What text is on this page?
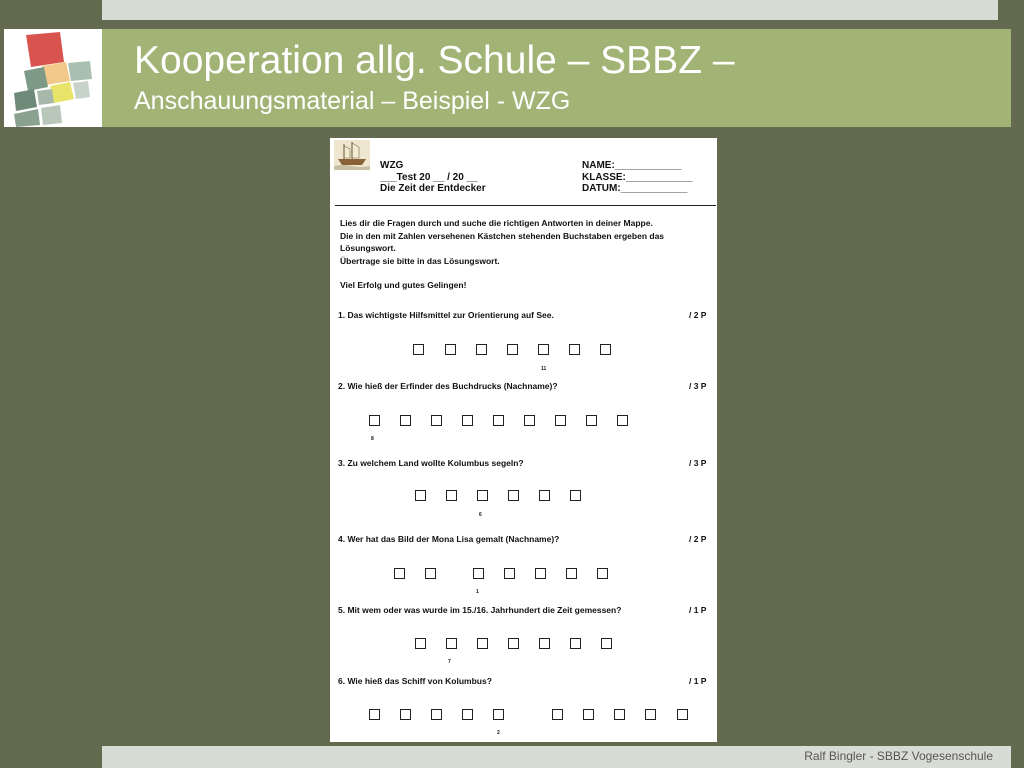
Kooperation allg. Schule – SBBZ –
Anschauungsmaterial – Beispiel - WZG
WZG
___Test 20 __ / 20 __
Die Zeit der Entdecker
NAME:____________
KLASSE:____________
DATUM:____________
Lies dir die Fragen durch und suche die richtigen Antworten in deiner Mappe.
Die in den mit Zahlen versehenen Kästchen stehenden Buchstaben ergeben das
Lösungswort.
Übertrage sie bitte in das Lösungswort.
Viel Erfolg und gutes Gelingen!
1. Das wichtigste Hilfsmittel zur Orientierung auf See.	/ 2 P
11
2. Wie hieß der Erfinder des Buchdrucks (Nachname)?	/ 3 P
8
3. Zu welchem Land wollte Kolumbus segeln?	/ 3 P
6
4. Wer hat das Bild der Mona Lisa gemalt (Nachname)?	/ 2 P
1
5. Mit wem oder was wurde im 15./16. Jahrhundert die Zeit gemessen?	/ 1 P
7
6. Wie hieß das Schiff von Kolumbus?	/ 1 P
2
Ralf Bingler - SBBZ Vogesenschule
